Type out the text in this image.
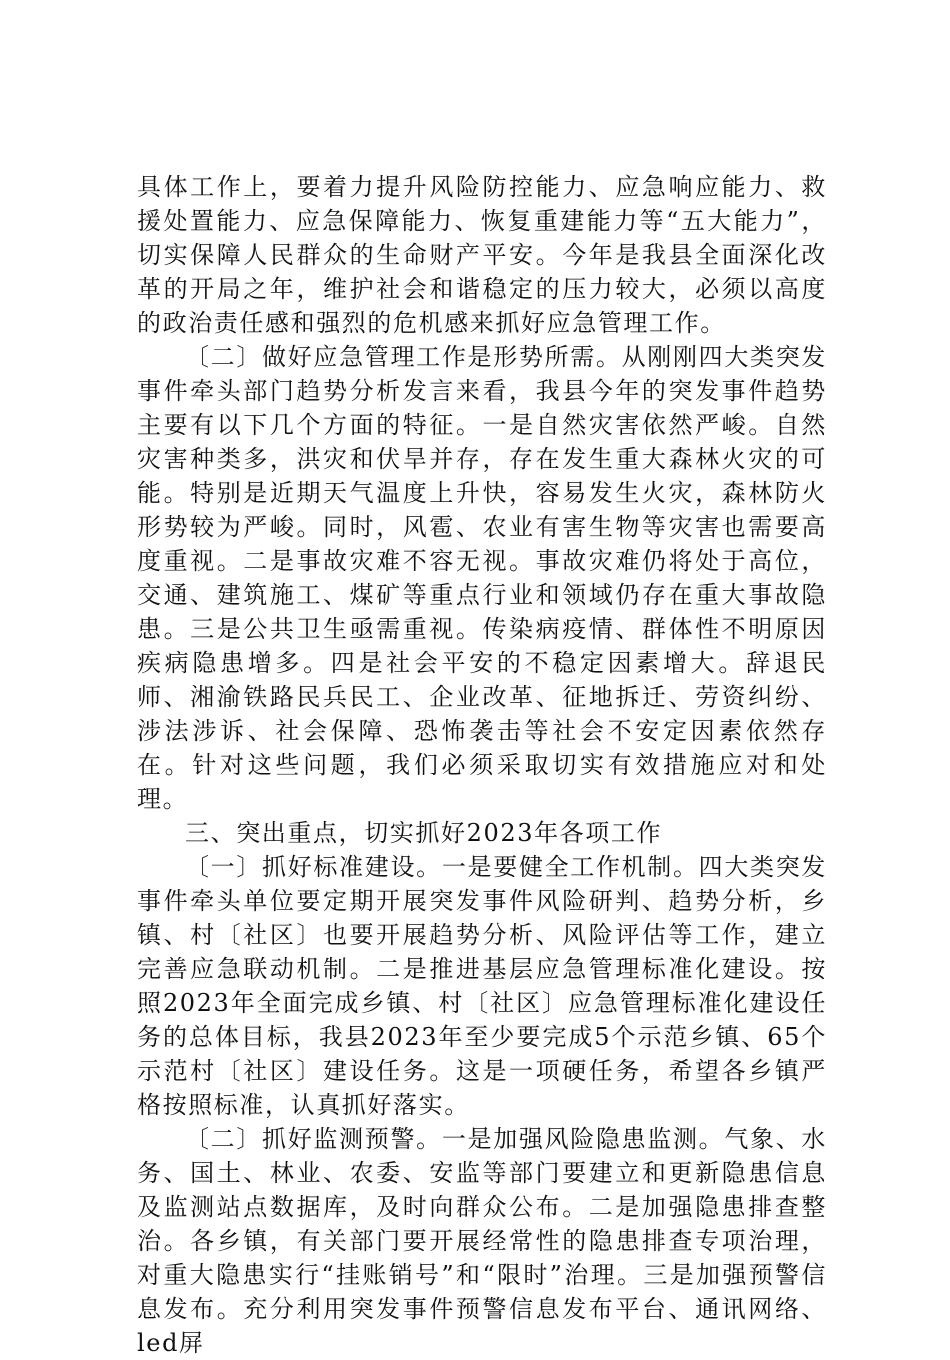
具体工作上，要着力提升风险防控能力、应急响应能力、救援处置能力、应急保障能力、恢复重建能力等“五大能力”，切实保障人民群众的生命财产平安。今年是我县全面深化改革的开局之年，维护社会和谐稳定的压力较大，必须以高度的政治责任感和强烈的危机感来抓好应急管理工作。

〔二〕做好应急管理工作是形势所需。从刚刚四大类突发事件牵头部门趋势分析发言来看，我县今年的突发事件趋势主要有以下几个方面的特征。一是自然灾害依然严峻。自然灾害种类多，洪灾和伏旱并存，存在发生重大森林火灾的可能。特别是近期天气温度上升快，容易发生火灾，森林防火形势较为严峻。同时，风雹、农业有害生物等灾害也需要高度重视。二是事故灾难不容无视。事故灾难仍将处于高位，交通、建筑施工、煤矿等重点行业和领域仍存在重大事故隐患。三是公共卫生亟需重视。传染病疫情、群体性不明原因疾病隐患增多。四是社会平安的不稳定因素增大。辞退民师、湘渝铁路民兵民工、企业改革、征地拆迁、劳资纠纷、涉法涉诉、社会保障、恐怖袭击等社会不安定因素依然存在。针对这些问题，我们必须采取切实有效措施应对和处理。

三、突出重点，切实抓好2023年各项工作

〔一〕抓好标准建设。一是要健全工作机制。四大类突发事件牵头单位要定期开展突发事件风险研判、趋势分析，乡镇、村〔社区〕也要开展趋势分析、风险评估等工作，建立完善应急联动机制。二是推进基层应急管理标准化建设。按照2023年全面完成乡镇、村〔社区〕应急管理标准化建设任务的总体目标，我县2023年至少要完成5个示范乡镇、65个示范村〔社区〕建设任务。这是一项硬任务，希望各乡镇严格按照标准，认真抓好落实。

〔二〕抓好监测预警。一是加强风险隐患监测。气象、水务、国土、林业、农委、安监等部门要建立和更新隐患信息及监测站点数据库，及时向群众公布。二是加强隐患排查整治。各乡镇，有关部门要开展经常性的隐患排查专项治理，对重大隐患实行“挂账销号”和“限时”治理。三是加强预警信息发布。充分利用突发事件预警信息发布平台、通讯网络、led屏
